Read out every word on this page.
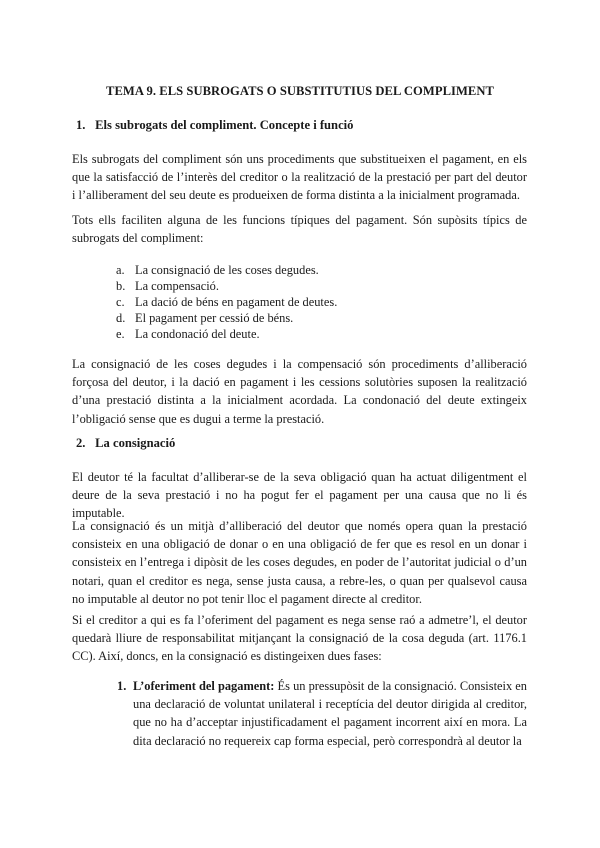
TEMA 9. ELS SUBROGATS O SUBSTITUTIUS DEL COMPLIMENT
1. Els subrogats del compliment. Concepte i funció
Els subrogats del compliment són uns procediments que substitueixen el pagament, en els que la satisfacció de l’interès del creditor o la realització de la prestació per part del deutor i l’alliberament del seu deute es produeixen de forma distinta a la inicialment programada.
Tots ells faciliten alguna de les funcions típiques del pagament. Són supòsits típics de subrogats del compliment:
a. La consignació de les coses degudes.
b. La compensació.
c. La dació de béns en pagament de deutes.
d. El pagament per cessió de béns.
e. La condonació del deute.
La consignació de les coses degudes i la compensació són procediments d’alliberació forçosa del deutor, i la dació en pagament i les cessions solutòries suposen la realització d’una prestació distinta a la inicialment acordada. La condonació del deute extingeix l’obligació sense que es dugui a terme la prestació.
2. La consignació
El deutor té la facultat d’alliberar-se de la seva obligació quan ha actuat diligentment el deure de la seva prestació i no ha pogut fer el pagament per una causa que no li és imputable.
La consignació és un mitjà d’alliberació del deutor que només opera quan la prestació consisteix en una obligació de donar o en una obligació de fer que es resol en un donar i consisteix en l’entrega i dipòsit de les coses degudes, en poder de l’autoritat judicial o d’un notari, quan el creditor es nega, sense justa causa, a rebre-les, o quan per qualsevol causa no imputable al deutor no pot tenir lloc el pagament directe al creditor.
Si el creditor a qui es fa l’oferiment del pagament es nega sense raó a admetre’l, el deutor quedarà lliure de responsabilitat mitjançant la consignació de la cosa deguda (art. 1176.1 CC). Així, doncs, en la consignació es distingeixen dues fases:
1. L’oferiment del pagament: És un pressupòsit de la consignació. Consisteix en una declaració de voluntat unilateral i receptícia del deutor dirigida al creditor, que no ha d’acceptar injustificadament el pagament incorrent així en mora. La dita declaració no requereix cap forma especial, però correspondrà al deutor la
